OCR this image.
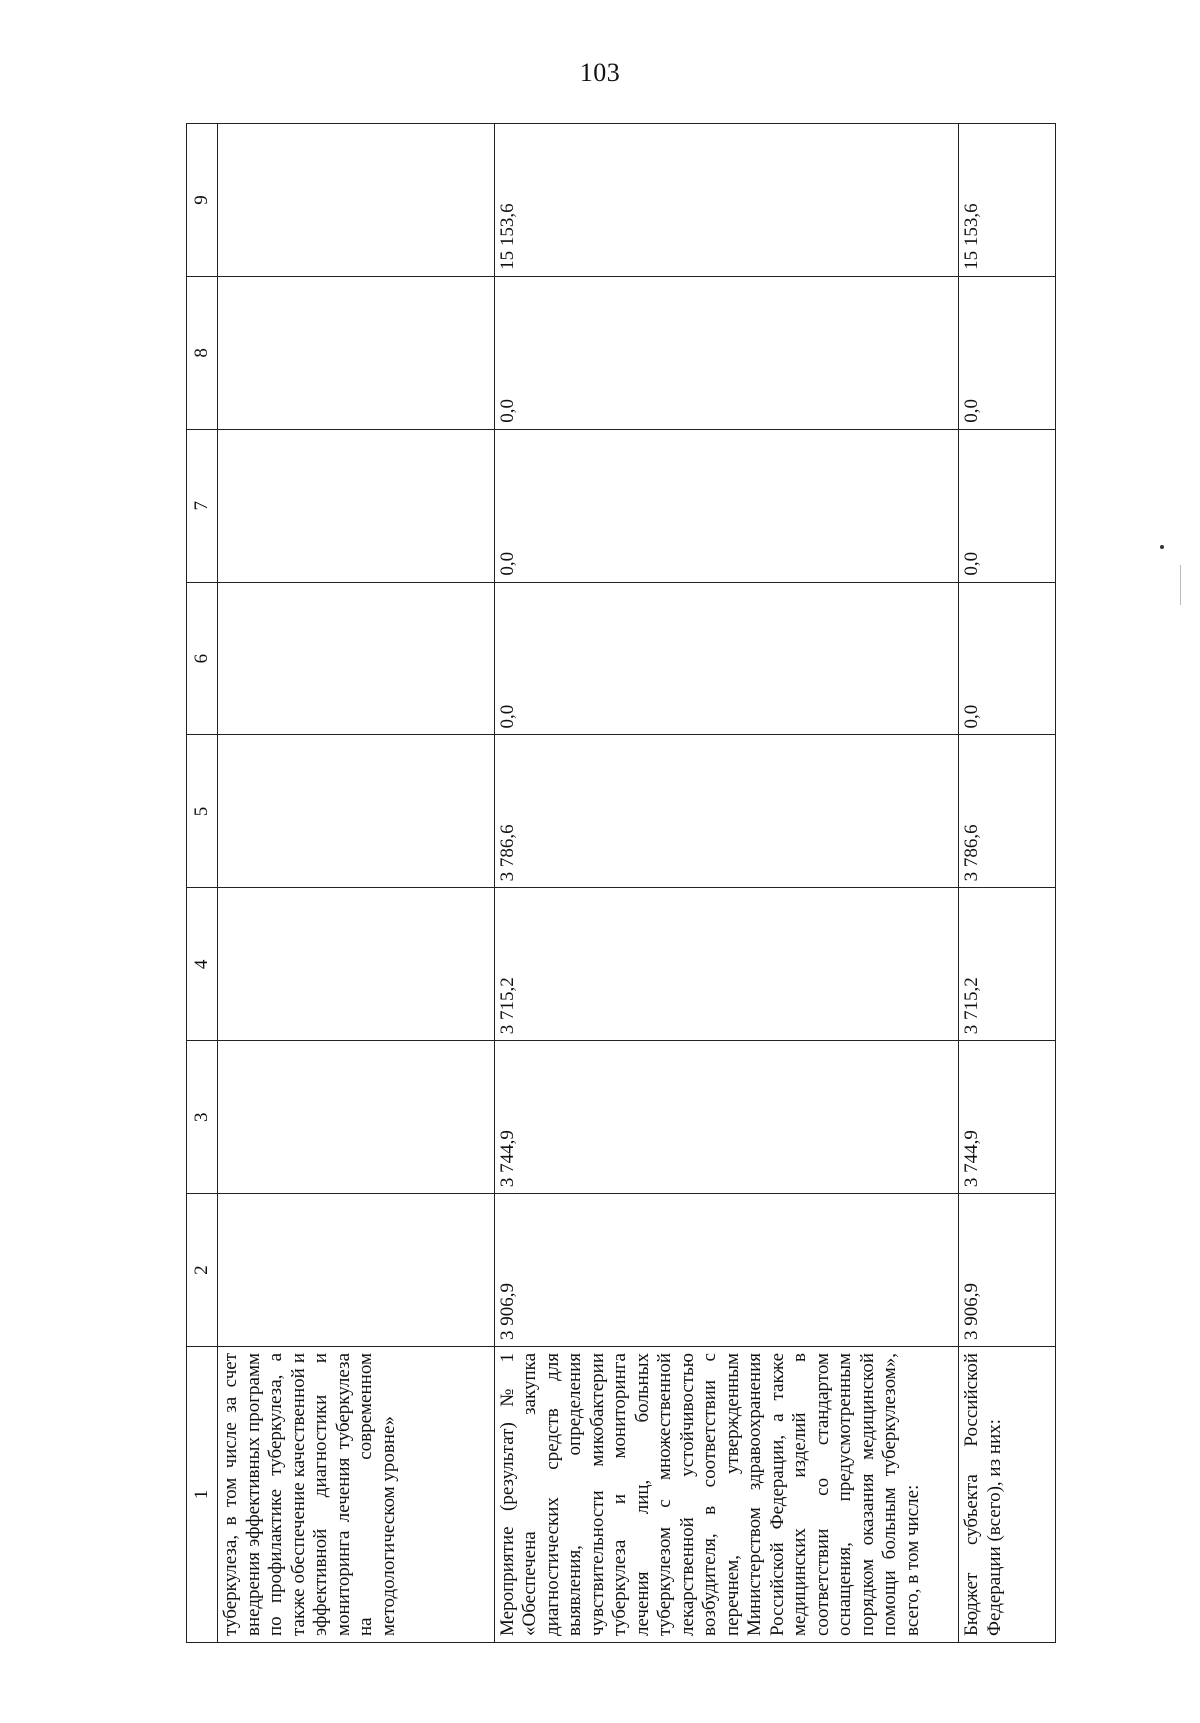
103
1	2	3	4	5	6	7	8	9
туберкулеза, в том числе за счет внедрения эффективных программ по профилактике туберкулеза, а также обеспечение качественной и эффективной диагностики и мониторинга лечения туберкулеза на современном методологическом уровне»								
Мероприятие (результат) № 1 «Обеспечена закупка диагностических средств для выявления, определения чувствительности микобактерии туберкулеза и мониторинга лечения лиц, больных туберкулезом с множественной лекарственной устойчивостью возбудителя, в соответствии с перечнем, утвержденным Министерством здравоохранения Российской Федерации, а также медицинских изделий в соответствии со стандартом оснащения, предусмотренным порядком оказания медицинской помощи больным туберкулезом», всего, в том числе:	3 906,9	3 744,9	3 715,2	3 786,6	0,0	0,0	0,0	15 153,6
Бюджет субъекта Российской Федерации (всего), из них:	3 906,9	3 744,9	3 715,2	3 786,6	0,0	0,0	0,0	15 153,6
